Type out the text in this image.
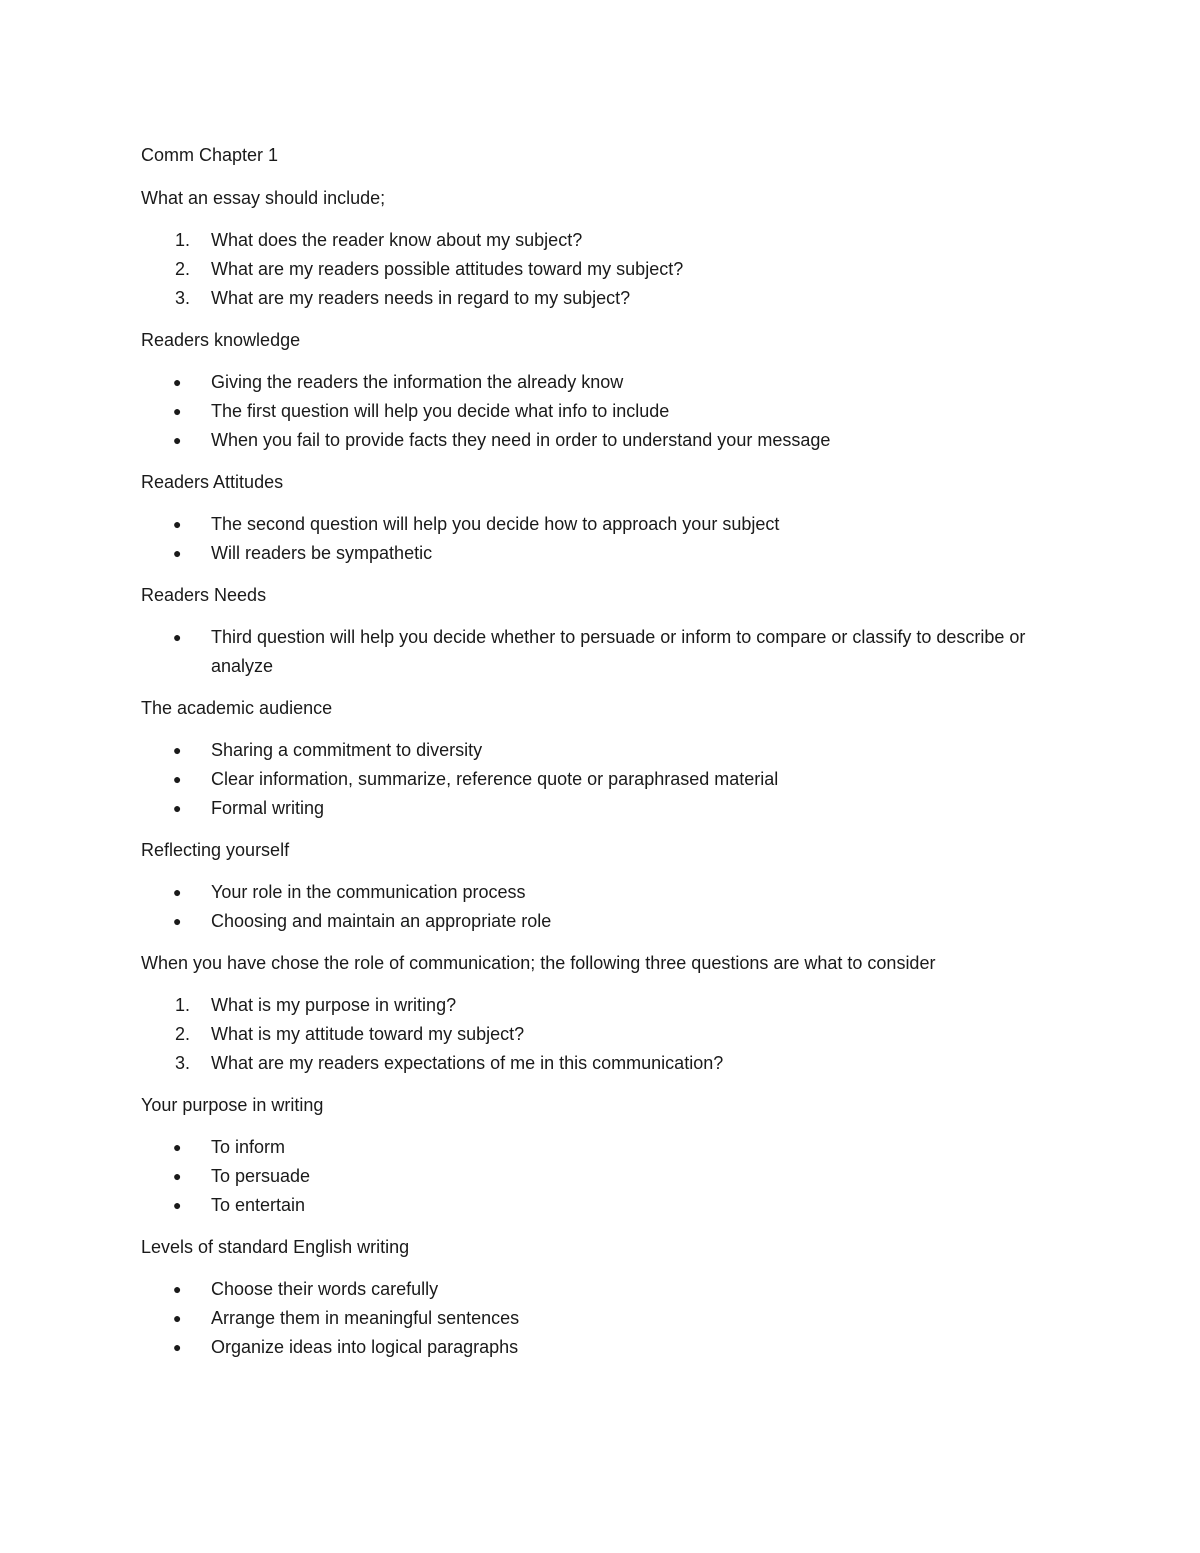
Comm Chapter 1

What an essay should include;

1.	What does the reader know about my subject?
2.	What are my readers possible attitudes toward my subject?
3.	What are my readers needs in regard to my subject?

Readers knowledge

●	Giving the readers the information the already know
●	The first question will help you decide what info to include
●	When you fail to provide facts they need in order to understand your message

Readers Attitudes

●	The second question will help you decide how to approach your subject
●	Will readers be sympathetic

Readers Needs

●	Third question will help you decide whether to persuade or inform to compare or classify to describe or analyze

The academic audience

●	Sharing a commitment to diversity
●	Clear information, summarize, reference quote or paraphrased material
●	Formal writing

Reflecting yourself

●	Your role in the communication process
●	Choosing and maintain an appropriate role

When you have chose the role of communication; the following three questions are what to consider

1.	What is my purpose in writing?
2.	What is my attitude toward my subject?
3.	What are my readers expectations of me in this communication?

Your purpose in writing

●	To inform
●	To persuade
●	To entertain

Levels of standard English writing

●	Choose their words carefully
●	Arrange them in meaningful sentences
●	Organize ideas into logical paragraphs
